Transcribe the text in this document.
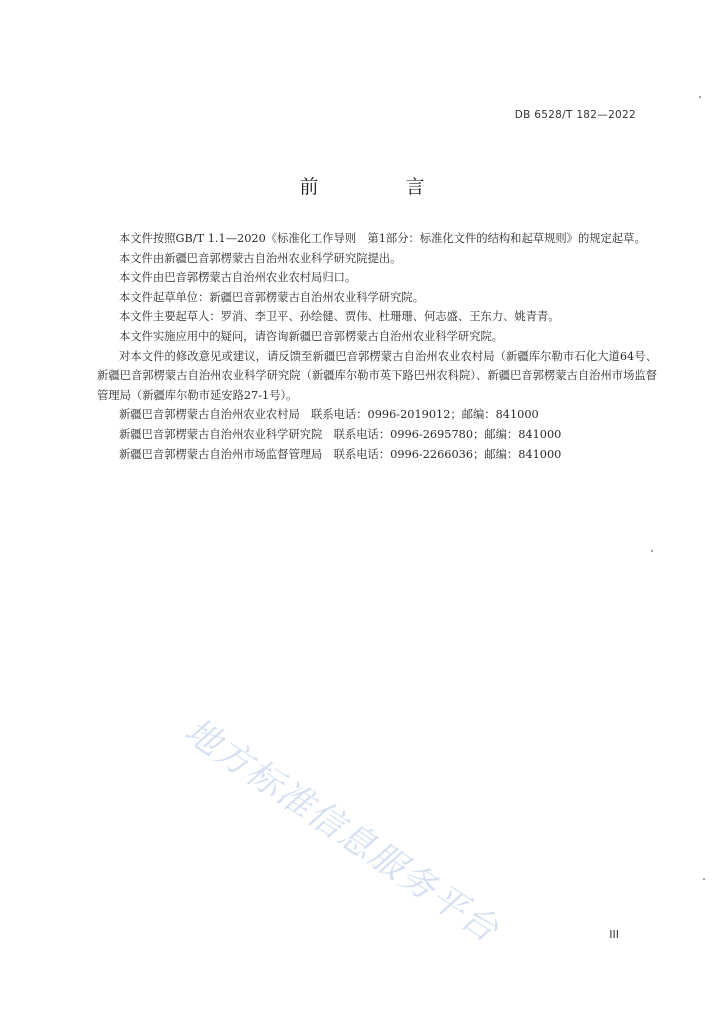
DB 6528/T 182—2022
前　言

本文件按照GB/T 1.1—2020《标准化工作导则　第1部分：标准化文件的结构和起草规则》的规定起草。

本文件由新疆巴音郭楞蒙古自治州农业科学研究院提出。

本文件由巴音郭楞蒙古自治州农业农村局归口。

本文件起草单位：新疆巴音郭楞蒙古自治州农业科学研究院。

本文件主要起草人：罗消、李卫平、孙绘健、贾伟、杜珊珊、何志盛、王东力、姚青青。

本文件实施应用中的疑问，请咨询新疆巴音郭楞蒙古自治州农业科学研究院。

对本文件的修改意见或建议，请反馈至新疆巴音郭楞蒙古自治州农业农村局（新疆库尔勒市石化大道64号、新疆巴音郭楞蒙古自治州农业科学研究院（新疆库尔勒市英下路巴州农科院）、新疆巴音郭楞蒙古自治州市场监督管理局（新疆库尔勒市延安路27-1号）。

新疆巴音郭楞蒙古自治州农业农村局　联系电话：0996-2019012；邮编：841000

新疆巴音郭楞蒙古自治州农业科学研究院　联系电话：0996-2695780；邮编：841000

新疆巴音郭楞蒙古自治州市场监督管理局　联系电话：0996-2266036；邮编：841000

地方标准信息服务平台	III
